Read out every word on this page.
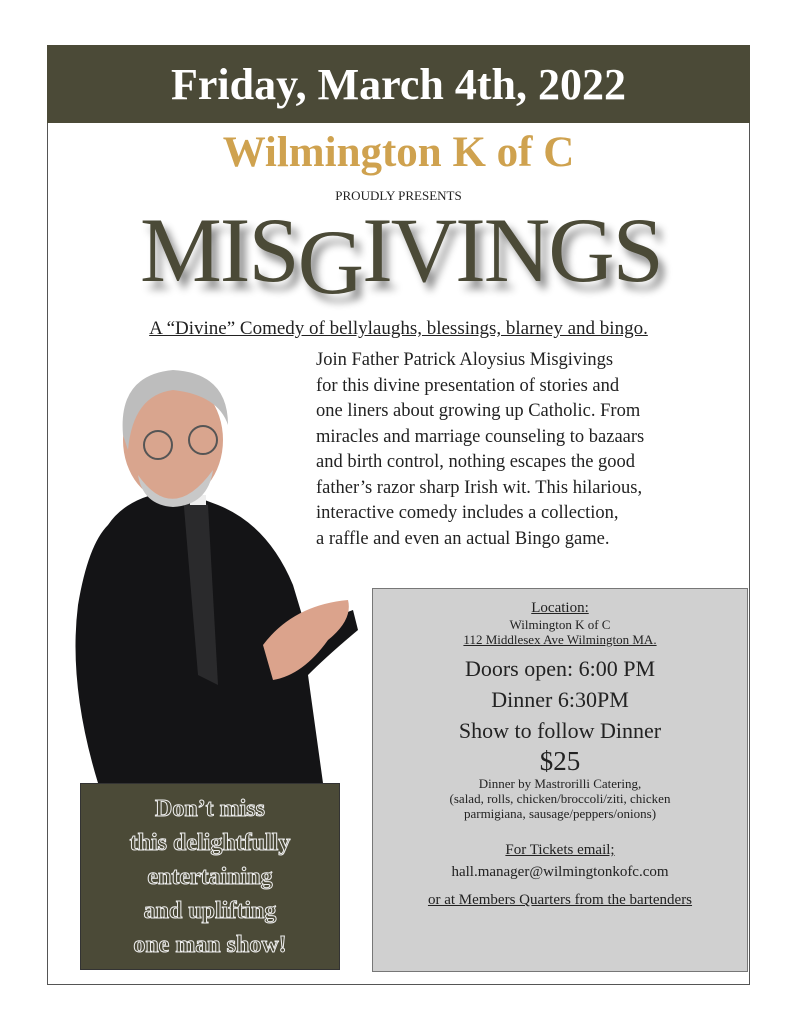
Friday, March 4th, 2022
Wilmington K of C
PROUDLY PRESENTS
MISGIVINGS
A “Divine” Comedy of bellylaughs, blessings, blarney and bingo.
Join Father Patrick Aloysius Misgivings
for this divine presentation of stories and
one liners about growing up Catholic. From
miracles and marriage counseling to bazaars
and birth control, nothing escapes the good
father’s razor sharp Irish wit. This hilarious,
interactive comedy includes a collection,
a raffle and even an actual Bingo game.
Don’t miss
this delightfully
entertaining
and uplifting
one man show!
Location:
Wilmington K of C
112 Middlesex Ave Wilmington MA.
Doors open: 6:00 PM
Dinner 6:30PM
Show to follow Dinner
$25
Dinner by Mastrorilli Catering,
(salad, rolls, chicken/broccoli/ziti, chicken
parmigiana, sausage/peppers/onions)
For Tickets email;
hall.manager@wilmingtonkofc.com
or at Members Quarters from the bartenders
